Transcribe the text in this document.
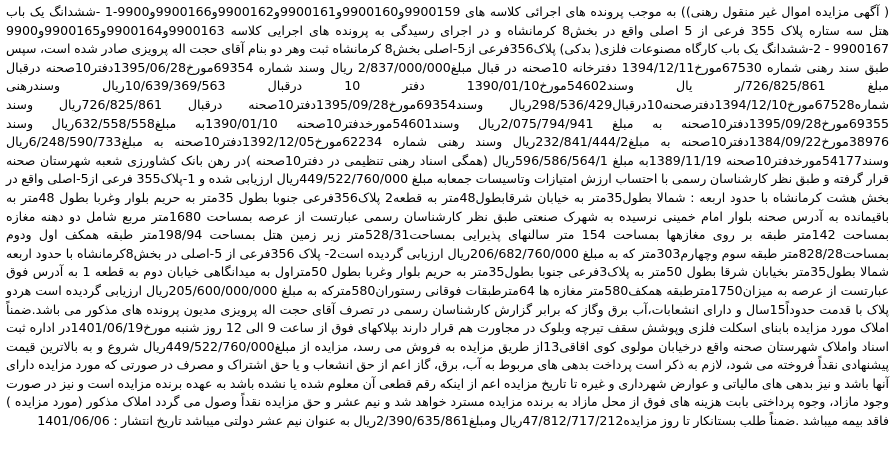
( آگهی مزایده اموال غیر منقول رهنی)) به موجب پرونده های اجرائی کلاسه های 9900159و9900160و9900161و9900162و9900166و9900-1 -ششدانگ یک باب هتل سه ستاره پلاک 355 فرعی از 5 اصلی واقع در بخش8 کرمانشاه و در اجرای رسیدگی به پرونده های اجرایی کلاسه 9900163و9900164و9900165و9900 9900167 - 2-ششدانگ یک باب کارگاه مصنوعات فلزی( بدکی) پلاک356فرعی از5-اصلی بخش8 کرمانشاه ثبت وهر دو بنام آقای حجت اله پرویزی صادر شده است، سپس طبق سند رهنی شماره 67530مورخ1394/12/11 دفترخانه 10صحنه در قبال مبلغ2/837/000/000 ریال وسند شماره 69354مورخ1395/06/28دفتر10صحنه درقبال مبلغ 726/825/861/ر یال وسند54602مورخ1390/01/10 دفتر 10 درقبال 10/639/369/563ریال وسندرهنی شماره67528مورخ1394/12/10دفترصحنه10درقبال298/536/429ریال وسند69354مورخ1395/09/28دفتر10صحنه درقبال 726/825/861ریال وسند 69355مورخ1395/09/28دفتر10صحنه به مبلغ 2/075/794/941ریال وسند54601مورخدفتر10صحنه 1390/01/10به مبلغ632/558/558ریال وسند 38976مورخ1384/09/22دفتر10صحنه به مبلغ232/841/444/2ریال وسند رهنی شماره 62234مورخ1392/12/05دفتر10صحنه به مبلغ6/248/590/733ریال وسند54177مورخدفتر10صحنه 1389/11/19به مبلغ 596/586/564/1ریال (همگی اسناد رهنی تنظیمی در دفتر10صحنه )در رهن بانک کشاورزی شعبه شهرستان صحنه قرار گرفته و طبق نظر کارشناسان رسمی با احتساب ارزش امتیازات وتاسیسات جمعابه مبلغ 449/522/760/000ریال ارزیابی شده و 1-پلاک355 فرعی از5-اصلی واقع در بخش هشت کرمانشاه با حدود اربعه : شمالا بطول35متر به خیابان شرقابطول48متر به قطعه2 پلاک356فرعی جنوبا بطول 35متر به حریم بلوار وغربا بطول 48متر به باقیمانده به آدرس صحنه بلوار امام خمینی نرسیده به شهرک صنعتی طبق نظر کارشناسان رسمی عبارتست از عرصه بمساحت 1680متر مربع شامل دو دهنه مغازه بمساحت 142متر طبقه بر روی مغازهها بمساحت 154 متر سالنهای پذیرایی بمساحت528/31متر زیر زمین هتل بمساحت 198/94متر طبقه همکف اول ودوم بمساحت828/28متر طبقه سوم وچهارم303متر که به مبلغ 206/682/760/000ریال ارزیابی گردیده است2- پلاک 356فرعی از 5-اصلی در بخش8کرمانشاه با حدود اربعه شمالا بطول35متر بخیابان شرقا بطول 50متر به پلاک3فرعی جنوبا بطول35متر به حریم بلوار وغربا بطول 50متراول به میدانگاهی خیابان دوم به قطعه 1 به آدرس فوق عبارتست از عرصه به میزان1750مترطبقه همکف580متر مغازه ها 64مترطبقات فوقانی رستوران580مترکه به مبلغ 205/600/000/000ریال ارزیابی گردیده است هردو پلاک با قدمت حدوداً15سال و دارای انشعابات،آب برق وگاز که برابر گزارش کارشناسان رسمی در تصرف آقای حجت اله پرویزی مدیون پرونده های مذکور می باشد.ضمناً املاک مورد مزایده بابنای اسکلت فلزی وپوشش سقف تیرچه وبلوک در مجاورت هم قرار دارند بپلاکهای فوق از ساعت 9 الی 12 روز شنبه مورخ1401/06/19در اداره ثبت اسناد واملاک شهرستان صحنه واقع درخیابان مولوی کوی اقاقی13از طریق مزایده به فروش می رسد، مزایده از مبلغ449/522/760/000ریال شروع و به بالاترین قیمت پیشنهادی نقداً فروخته می شود، لازم به ذکر است پرداخت بدهی های مربوط به آب، برق، گاز اعم از حق انشعاب و یا حق اشتراک و مصرف در صورتی که مورد مزایده دارای آنها باشد و نیز بدهی های مالیاتی و عوارض شهرداری و غیره تا تاریخ مزایده اعم از اینکه رقم قطعی آن معلوم شده یا نشده باشد به عهده برنده مزایده است و نیز در صورت وجود مازاد، وجوه پرداختی بابت هزینه های فوق از محل مازاد به برنده مزایده مسترد خواهد شد و نیم عشر و حق مزایده نقداً وصول می گردد املاک مذکور (مورد مزایده ) فاقد بیمه میباشد .ضمناً طلب بستانکار تا روز مزایده47/812/717/212ریال ومبلغ2/390/635/861ریال به عنوان نیم عشر دولتی میباشد تاریخ انتشار : 1401/06/06
